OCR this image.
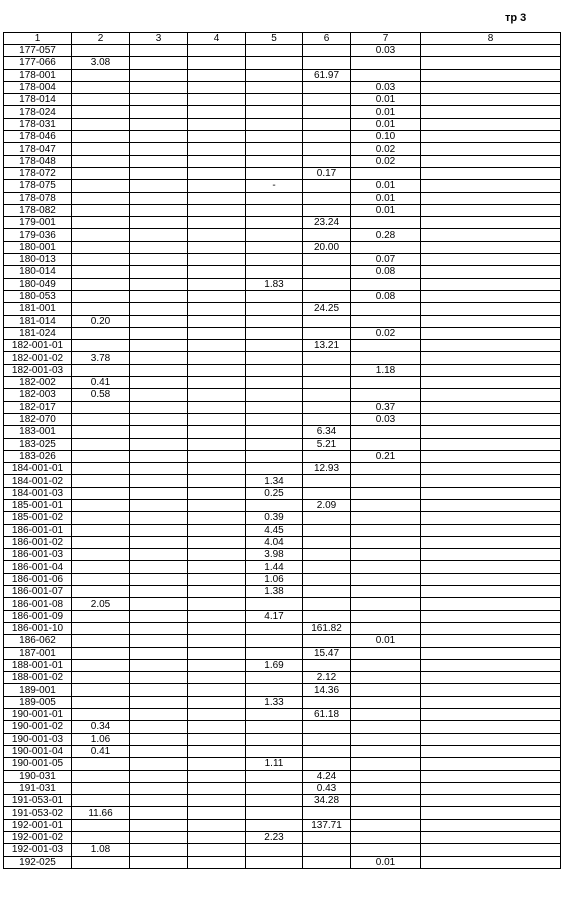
тр 3
1	2	3	4	5	6	7	8
177-057						0.03	
177-066	3.08						
178-001					61.97		
178-004						0.03	
178-014						0.01	
178-024						0.01	
178-031						0.01	
178-046						0.10	
178-047						0.02	
178-048						0.02	
178-072					0.17		
178-075				-		0.01	
178-078						0.01	
178-082						0.01	
179-001					23.24		
179-036						0.28	
180-001					20.00		
180-013						0.07	
180-014						0.08	
180-049				1.83			
180-053						0.08	
181-001					24.25		
181-014	0.20						
181-024						0.02	
182-001-01					13.21		
182-001-02	3.78						
182-001-03						1.18	
182-002	0.41						
182-003	0.58						
182-017						0.37	
182-070						0.03	
183-001					6.34		
183-025					5.21		
183-026						0.21	
184-001-01					12.93		
184-001-02				1.34			
184-001-03				0.25			
185-001-01					2.09		
185-001-02				0.39			
186-001-01				4.45			
186-001-02				4.04			
186-001-03				3.98			
186-001-04				1.44			
186-001-06				1.06			
186-001-07				1.38			
186-001-08	2.05						
186-001-09				4.17			
186-001-10					161.82		
186-062						0.01	
187-001					15.47		
188-001-01				1.69			
188-001-02					2.12		
189-001					14.36		
189-005				1.33			
190-001-01					61.18		
190-001-02	0.34						
190-001-03	1.06						
190-001-04	0.41						
190-001-05				1.11			
190-031					4.24		
191-031					0.43		
191-053-01					34.28		
191-053-02	11.66						
192-001-01					137.71		
192-001-02				2.23			
192-001-03	1.08						
192-025						0.01	
